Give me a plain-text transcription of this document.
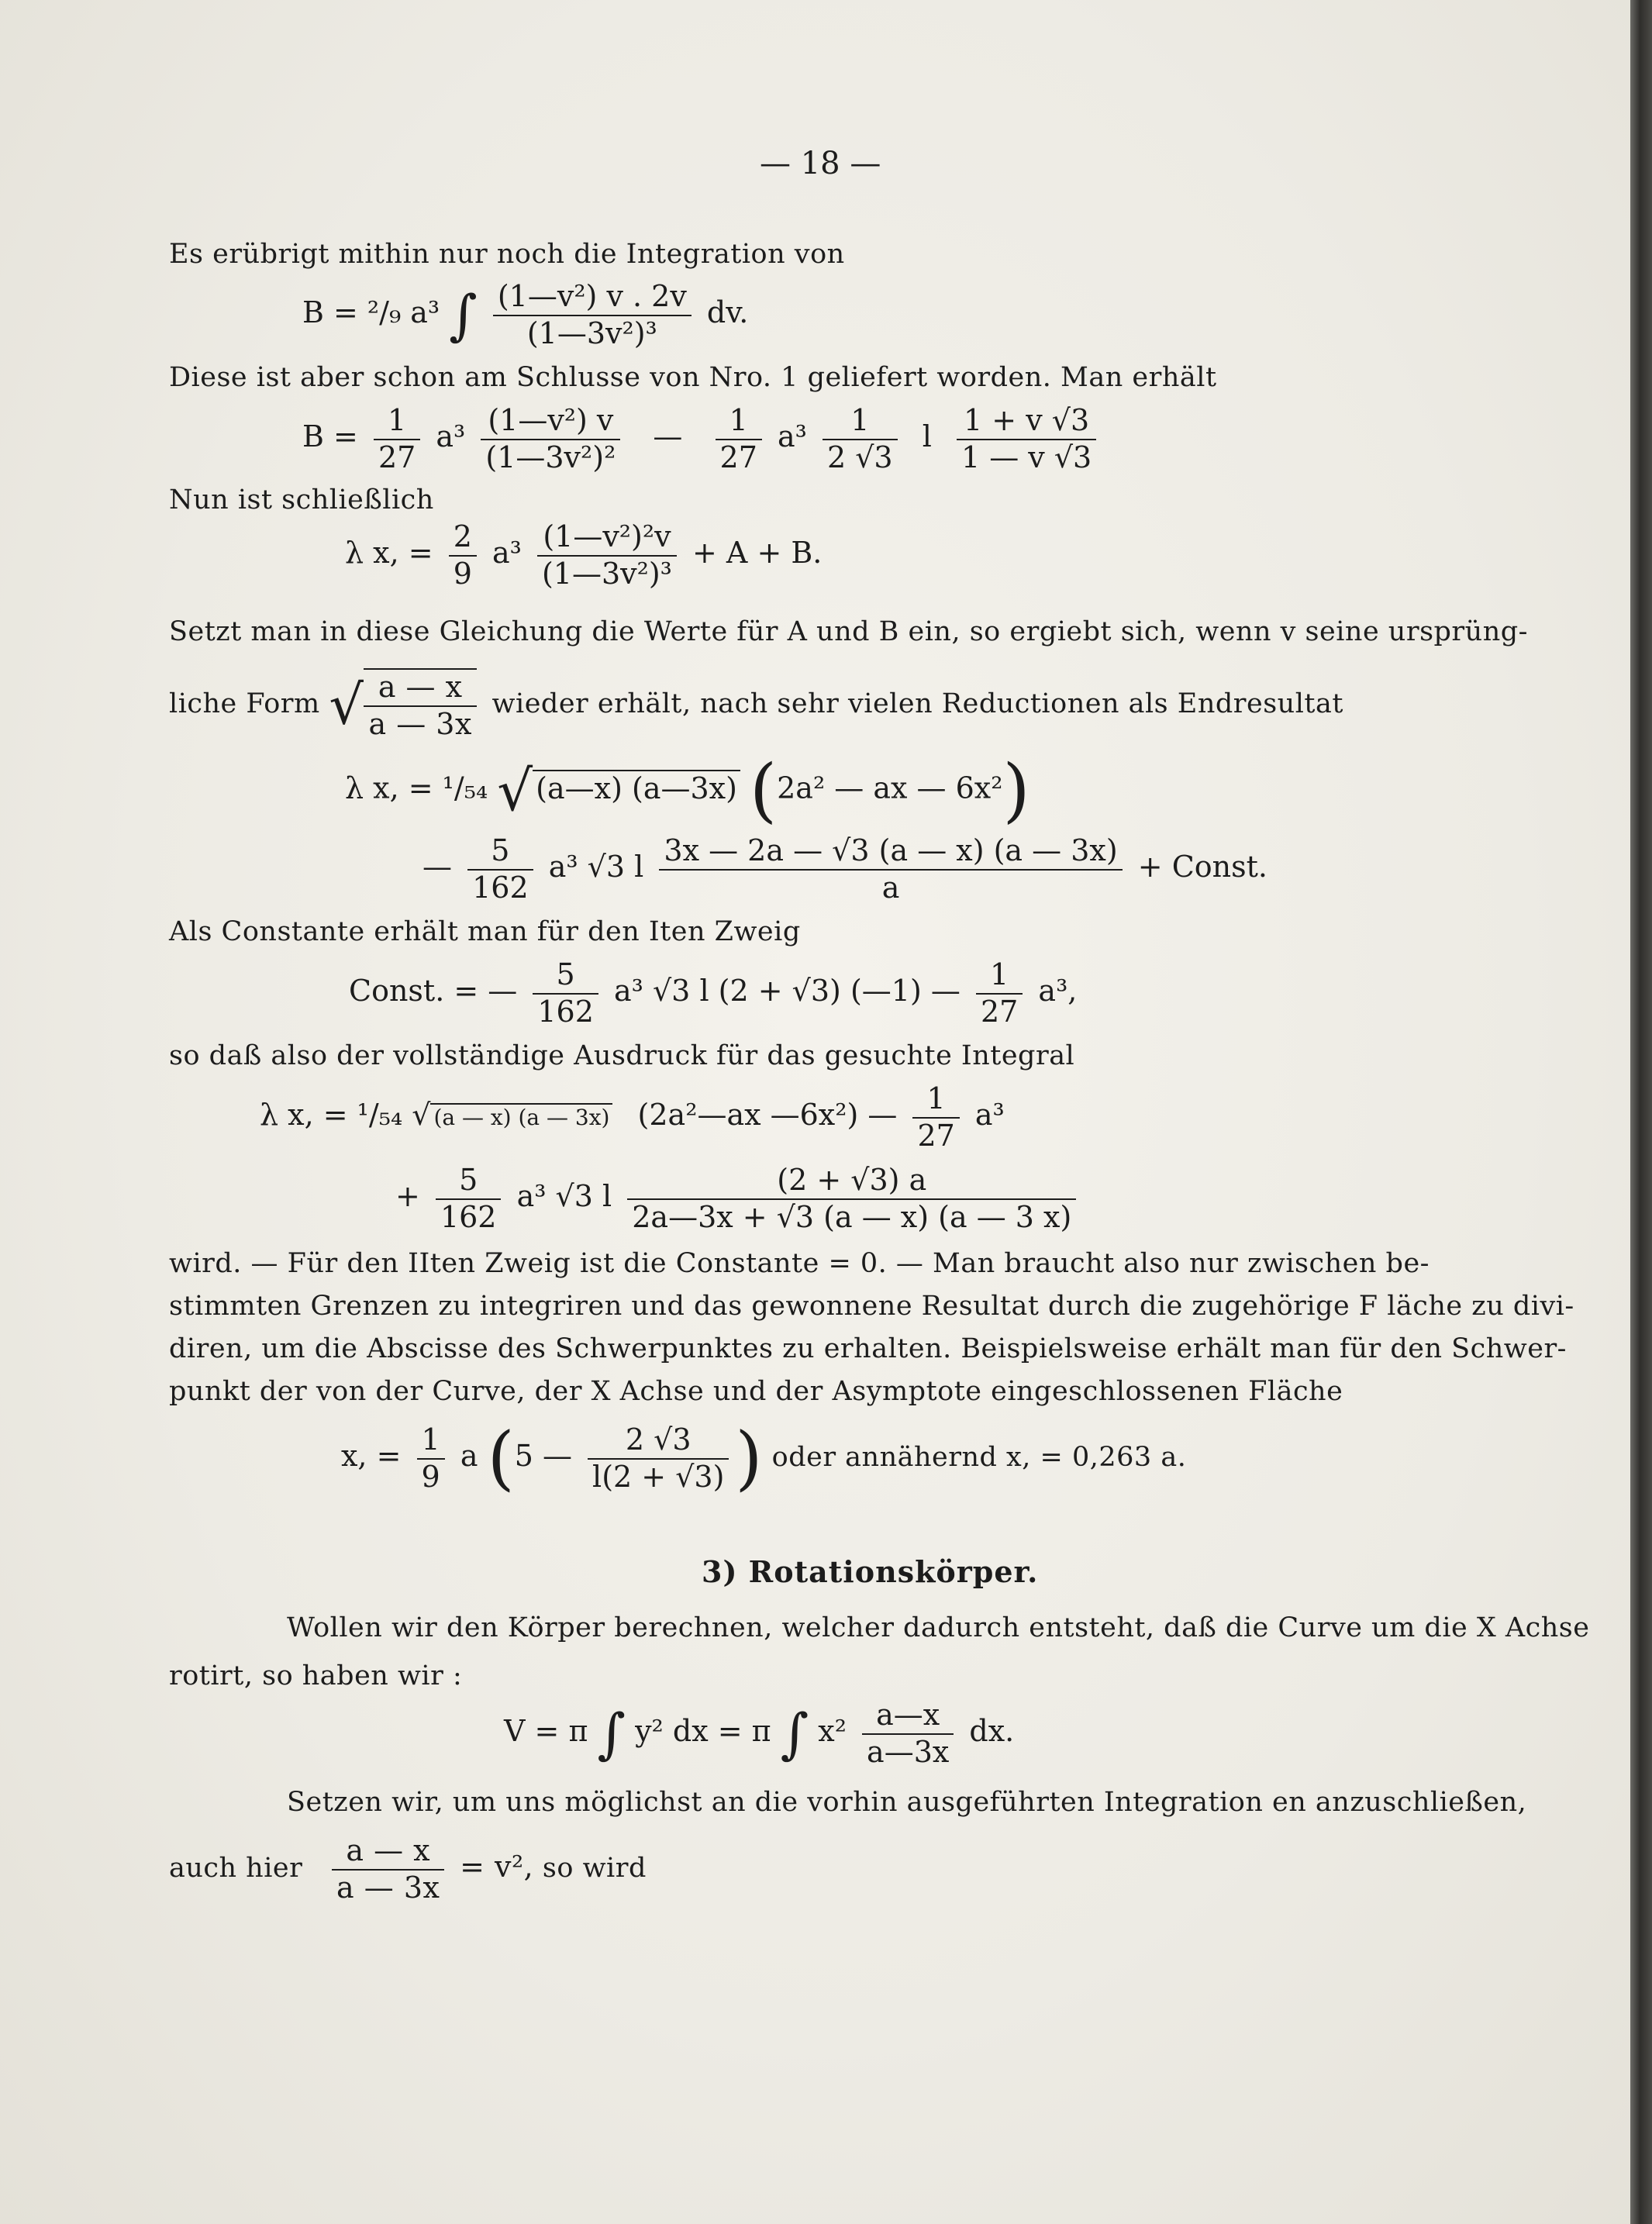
— 18 —
Es erübrigt mithin nur noch die Integration von
B = ²/₉ a³ ∫ $\frac{\text{(1—v²) v . 2v}}{\text{(1—3v²)³}}$ dv.
Diese ist aber schon am Schlusse von Nro. 1 geliefert worden. Man erhält
$B = \frac{1}{27} a^3 \frac{\text{(1—v²) v}}{\text{(1—3v²)²}}$ — $\frac{1}{27} a^3 \frac{1}{2 √3}$ l $\frac{1 + v √3}{1 — v √3}$
Nun ist schließlich
λ x, = $\frac{2}{9} a^3 \frac{\text{(1—v²)²v}}{\text{(1—3v²)³}} + A + B$.
Setzt man in diese Gleichung die Werte für A und B ein, so ergiebt sich, wenn v seine ursprüng-
liche Form √ $\frac{a — x}{a — 3x}$ wieder erhält, nach sehr vielen Reductionen als Endresultat
λ x, = ¹/₅₄ √ (a—x) (a—3x) (2a² — ax — 6x²)
— $\frac{5}{162} a^3$ √3 l $\frac{3x — 2a — √3 (a — x) (a — 3x)}{a}$ + Const.
Als Constante erhält man für den Iten Zweig
Const. = — $\frac{5}{162} a^3$ √3 l (2 + √3) (—1) — $\frac{1}{27} a^3$,
so daß also der vollständige Ausdruck für das gesuchte Integral
λ x, = ¹/₅₄ √ (a — x) (a — 3x) (2a²—ax —6x²) — $\frac{1}{27} a^3$
+ $\frac{5}{162} a^3$ √3 l $\frac{(2 + √3) a}{2a—3x + √3 (a — x) (a — 3 x)}$
wird. — Für den IIten Zweig ist die Constante = 0. — Man braucht also nur zwischen be-
stimmten Grenzen zu integriren und das gewonnene Resultat durch die zugehörige F läche zu divi-
diren, um die Abscisse des Schwerpunktes zu erhalten. Beispielsweise erhält man für den Schwer-
punkt der von der Curve, der X Achse und der Asymptote eingeschlossenen Fläche
x, = $\frac{1}{9}$ a (5 — $\frac{2 √3}{l(2 + √3)}$ ) oder annähernd x, = 0,263 a.
3) Rotationskörper.
Wollen wir den Körper berechnen, welcher dadurch entsteht, daß die Curve um die X Achse
rotirt, so haben wir :
V = π ∫ y² dx = π ∫ $x^2 \frac{a—x}{a—3x}$ dx.
Setzen wir, um uns möglichst an die vorhin ausgeführten Integration en anzuschließen,
auch hier $\frac{a — x}{a — 3x} = v^2$, so wird
